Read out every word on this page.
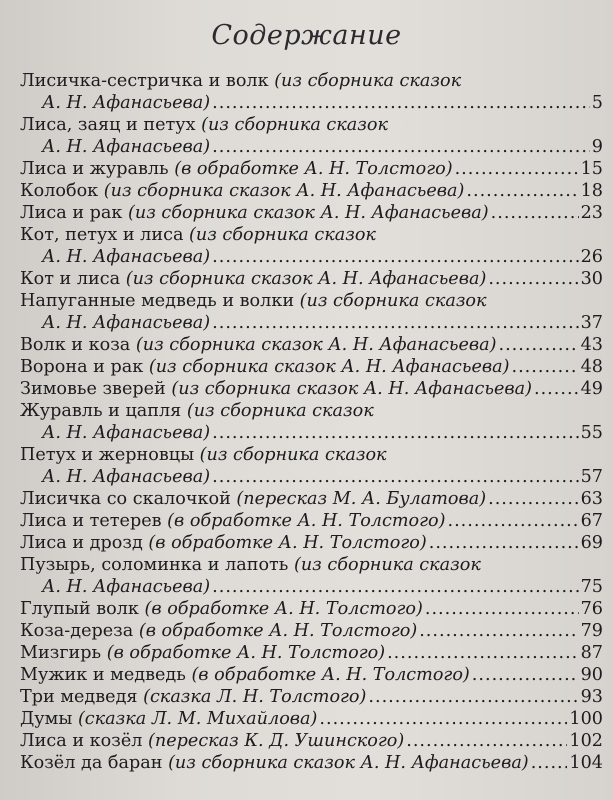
Содержание
Лисичка-сестричка и волк
(из сборника сказок
А. Н. Афанасьева) .....	5
Лиса, заяц и петух
(из сборника сказок
А. Н. Афанасьева) .....	9
Лиса и журавль
(в обработке А. Н. Толстого) .....	15
Колобок
(из сборника сказок А. Н. Афанасьева) .....	18
Лиса и рак
(из сборника сказок А. Н. Афанасьева) .....	23
Кот, петух и лиса
(из сборника сказок
А. Н. Афанасьева) .....	26
Кот и лиса
(из сборника сказок А. Н. Афанасьева) .....	30
Напуганные медведь и волки
(из сборника сказок
А. Н. Афанасьева) .....	37
Волк и коза
(из сборника сказок А. Н. Афанасьева) .....	43
Ворона и рак
(из сборника сказок А. Н. Афанасьева) .....	48
Зимовье зверей
(из сборника сказок А. Н. Афанасьева) .....	49
Журавль и цапля
(из сборника сказок
А. Н. Афанасьева) .....	55
Петух и жерновцы
(из сборника сказок
А. Н. Афанасьева) .....	57
Лисичка со скалочкой
(пересказ М. А. Булатова) .....	63
Лиса и тетерев
(в обработке А. Н. Толстого) .....	67
Лиса и дрозд
(в обработке А. Н. Толстого) .....	69
Пузырь, соломинка и лапоть
(из сборника сказок
А. Н. Афанасьева) .....	75
Глупый волк
(в обработке А. Н. Толстого) .....	76
Коза-дереза
(в обработке А. Н. Толстого) .....	79
Мизгирь
(в обработке А. Н. Толстого) .....	87
Мужик и медведь
(в обработке А. Н. Толстого) .....	90
Три медведя
(сказка Л. Н. Толстого) .....	93
Думы
(сказка Л. М. Михайлова) .....	100
Лиса и козёл
(пересказ К. Д. Ушинского) .....	102
Козёл да баран
(из сборника сказок А. Н. Афанасьева) ..... 104
